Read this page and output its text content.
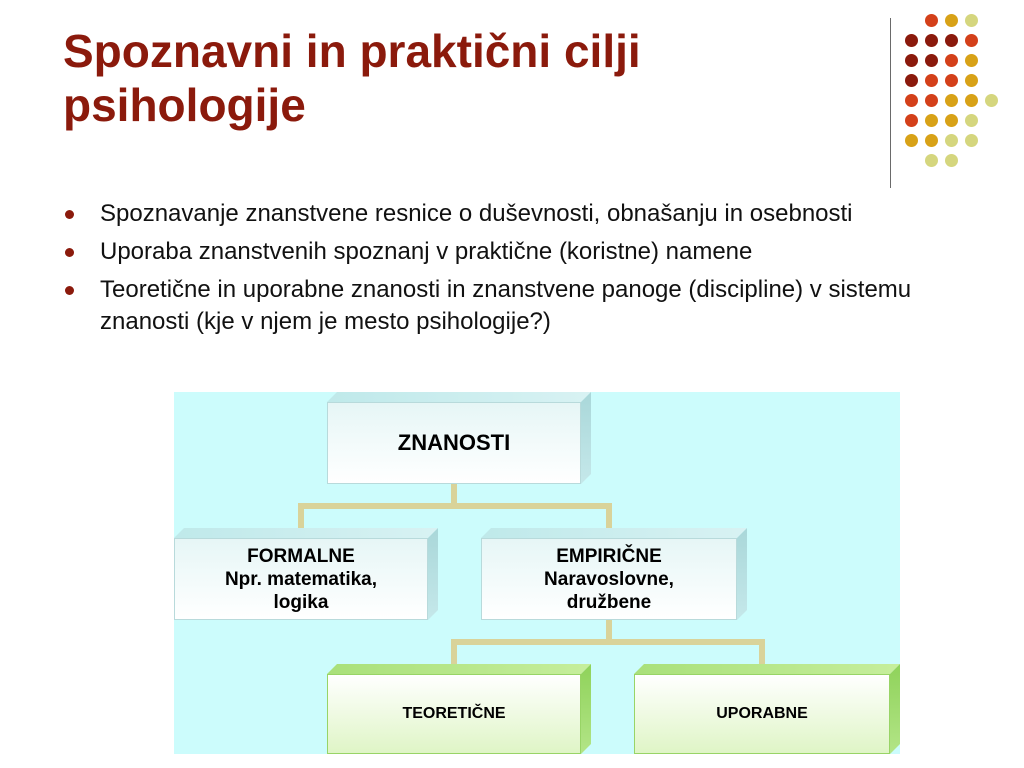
Spoznavni in praktični cilji
psihologije
Spoznavanje znanstvene resnice o duševnosti, obnašanju in osebnosti
Uporaba znanstvenih spoznanj v praktične (koristne) namene
Teoretične in uporabne znanosti in znanstvene panoge (discipline) v sistemu znanosti (kje v njem je mesto psihologije?)
ZNANOSTI
FORMALNE
Npr. matematika,
logika
EMPIRIČNE
Naravoslovne,
družbene
TEORETIČNE	UPORABNE
